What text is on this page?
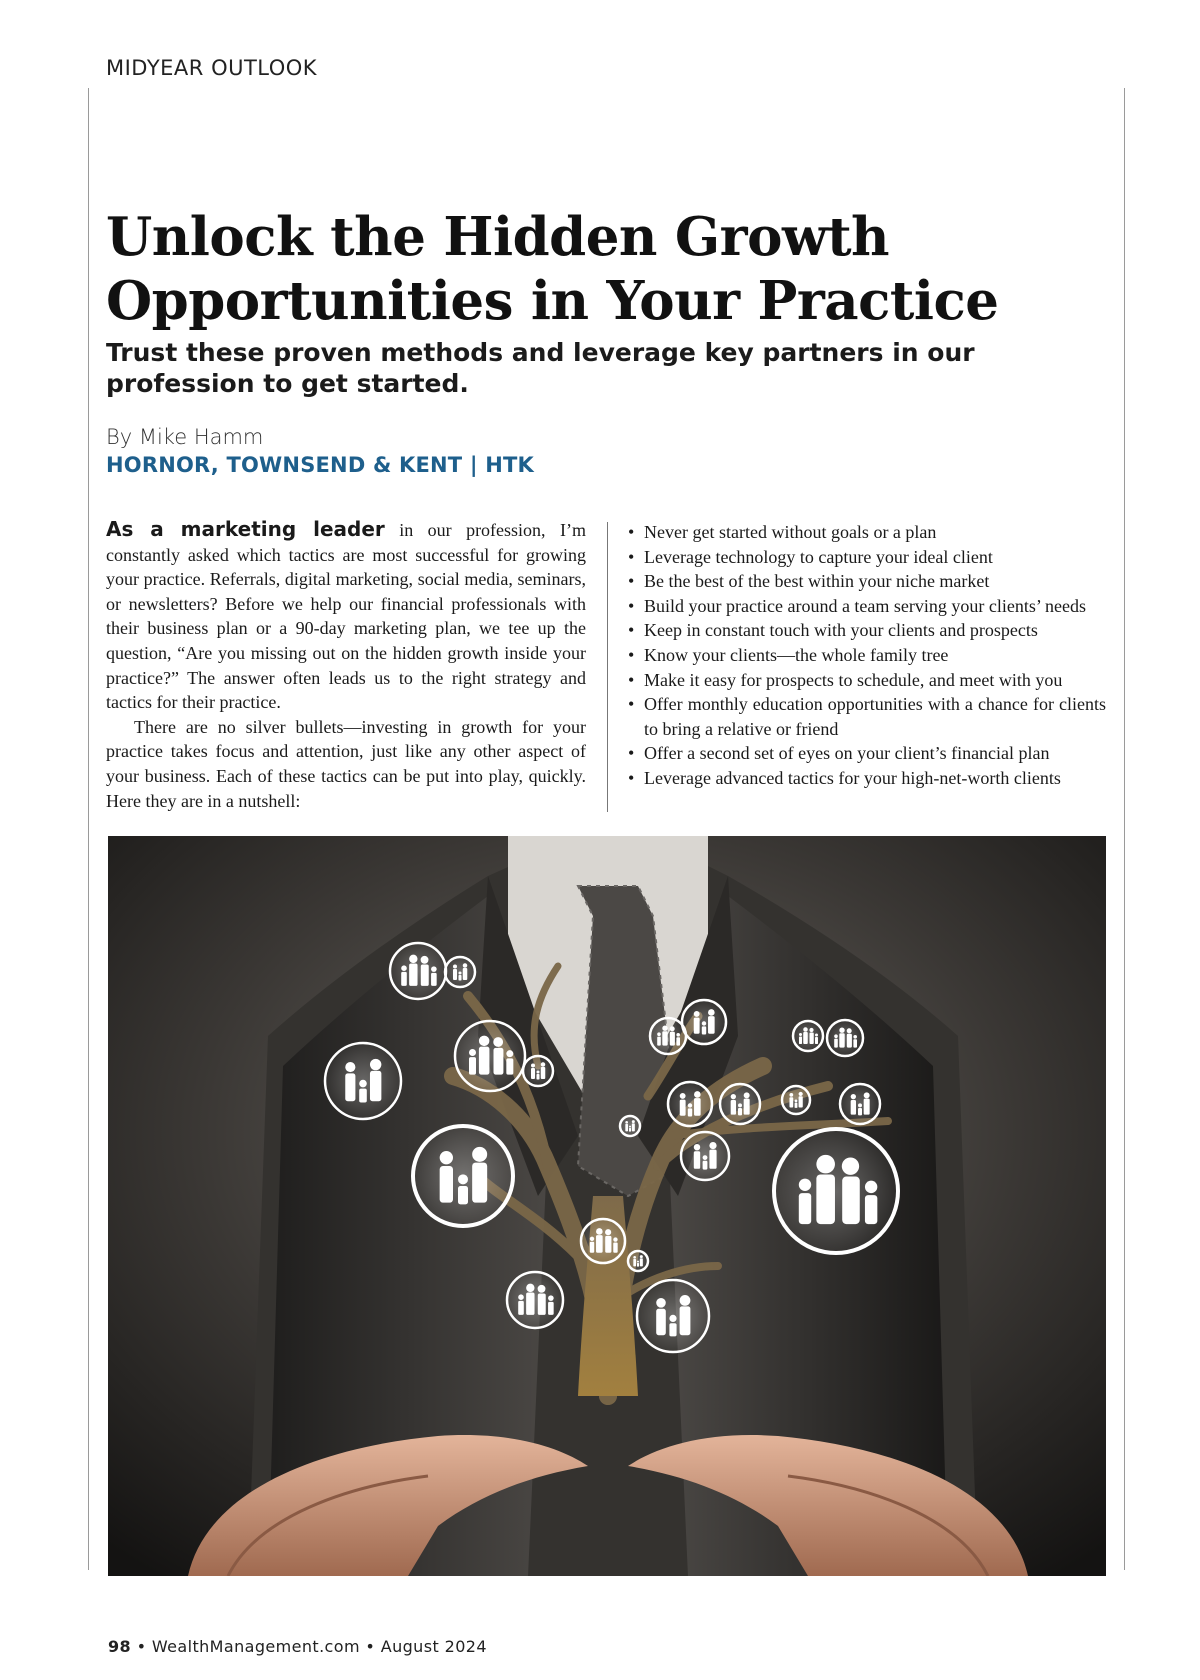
MIDYEAR OUTLOOK
Unlock the Hidden Growth Opportunities in Your Practice
Trust these proven methods and leverage key partners in our profession to get started.
By Mike Hamm
HORNOR, TOWNSEND & KENT | HTK

As a marketing leader in our profession, I’m constantly asked which tactics are most successful for growing your practice. Referrals, digital marketing, social media, seminars, or newsletters? Before we help our financial professionals with their business plan or a 90-day marketing plan, we tee up the question, “Are you missing out on the hidden growth inside your practice?” The answer often leads us to the right strategy and tactics for their practice.

There are no silver bullets—investing in growth for your practice takes focus and attention, just like any other aspect of your business. Each of these tactics can be put into play, quickly. Here they are in a nutshell:

• Never get started without goals or a plan
• Leverage technology to capture your ideal client
• Be the best of the best within your niche market
• Build your practice around a team serving your clients’ needs
• Keep in constant touch with your clients and prospects
• Know your clients—the whole family tree
• Make it easy for prospects to schedule, and meet with you
• Offer monthly education opportunities with a chance for clients to bring a relative or friend
• Offer a second set of eyes on your client’s financial plan
• Leverage advanced tactics for your high-net-worth clients
98 • WealthManagement.com • August 2024
